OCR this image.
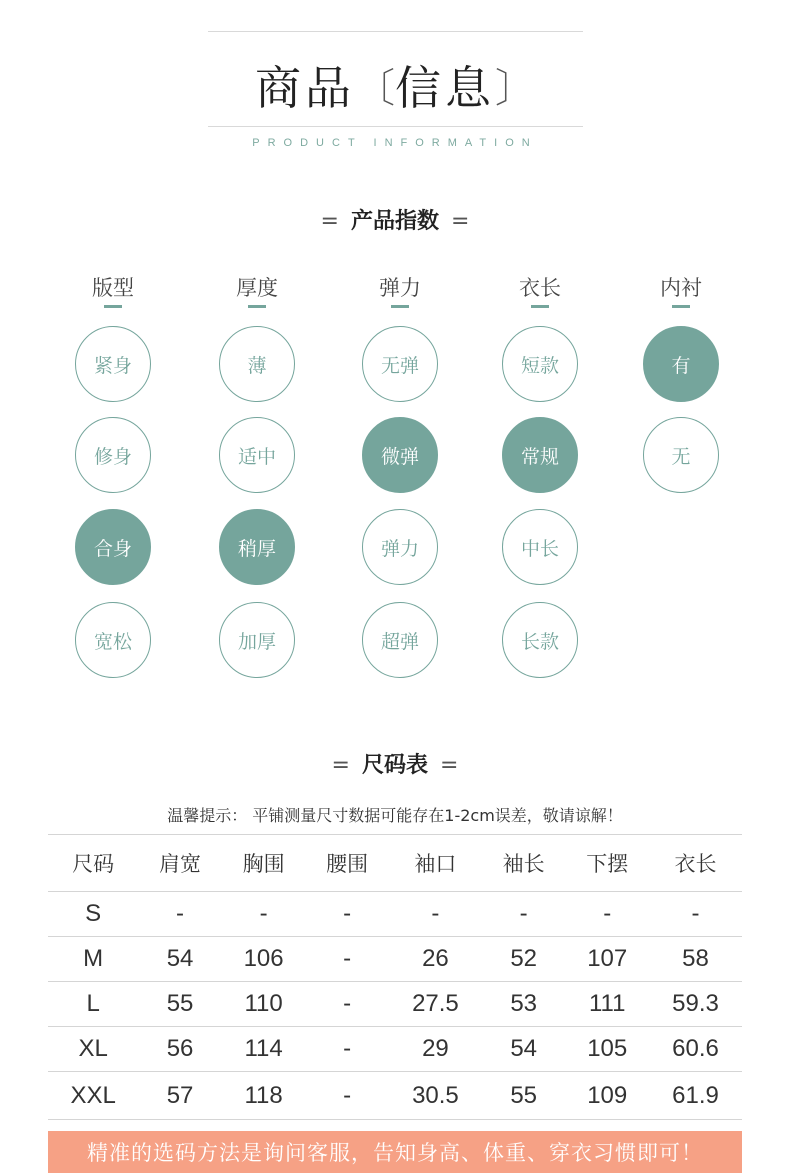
商品〔信息〕
PRODUCT INFORMATION
= 产品指数 =
版型
紧身
修身
合身
宽松
厚度
薄
适中
稍厚
加厚
弹力
无弹
微弹
弹力
超弹
衣长
短款
常规
中长
长款
内衬
有
无
= 尺码表 =
温馨提示： 平铺测量尺寸数据可能存在1-2cm误差，敬请谅解！
尺码	肩宽	胸围	腰围	袖口	袖长	下摆	衣长
S	-	-	-	-	-	-	-
M	54	106	-	26	52	107	58
L	55	110	-	27.5	53	111	59.3
XL	56	114	-	29	54	105	60.6
XXL	57	118	-	30.5	55	109	61.9
精准的选码方法是询问客服，告知身高、体重、穿衣习惯即可！
